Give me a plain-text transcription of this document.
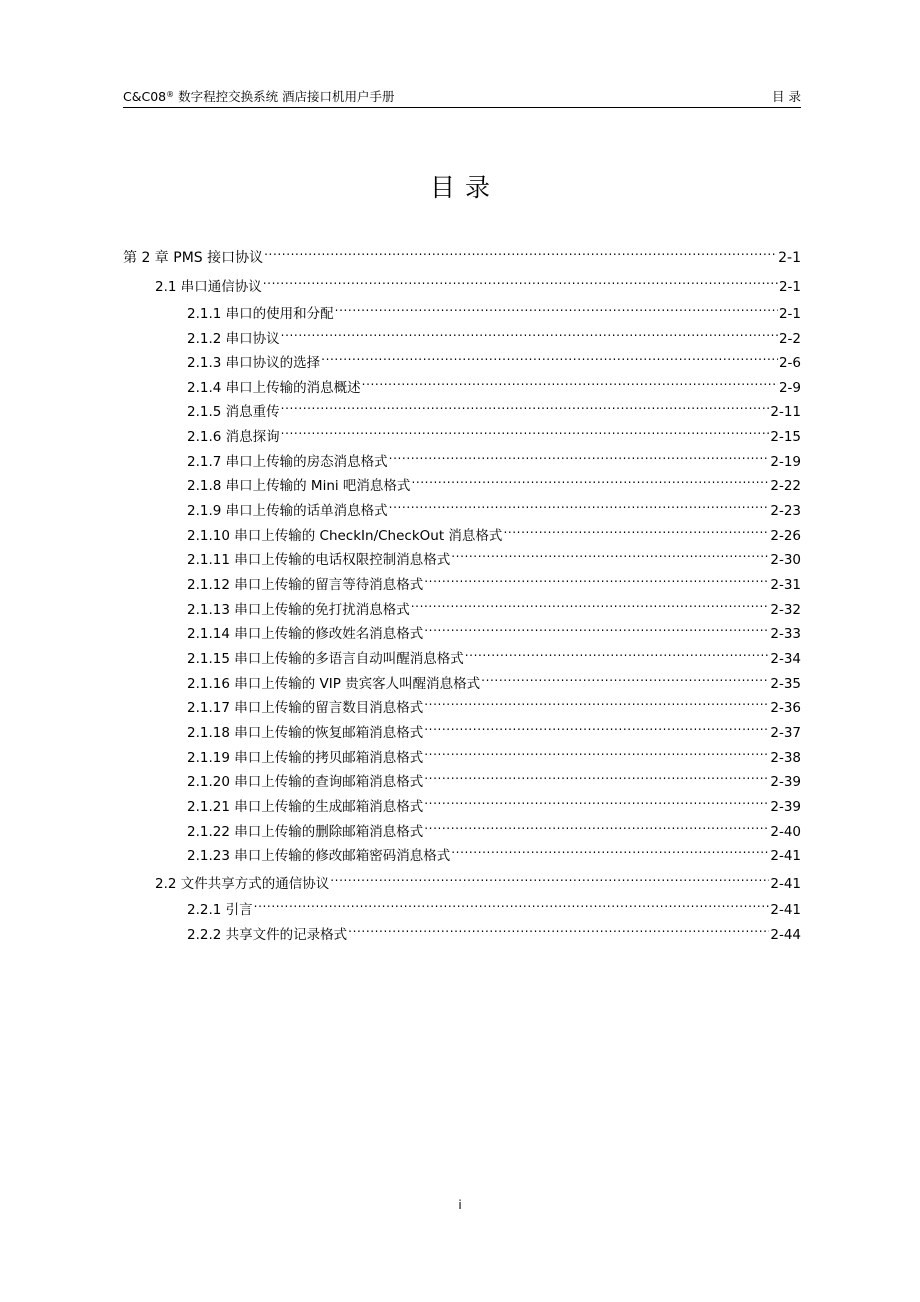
C&C08® 数字程控交换系统 酒店接口机用户手册	目 录
目录
第 2 章 PMS 接口协议 .....	2-1
2.1 串口通信协议 .....	2-1
2.1.1 串口的使用和分配 .....	2-1
2.1.2 串口协议 .....	2-2
2.1.3 串口协议的选择 .....	2-6
2.1.4 串口上传输的消息概述 .....	2-9
2.1.5 消息重传 .....	2-11
2.1.6 消息探询 .....	2-15
2.1.7 串口上传输的房态消息格式 .....	2-19
2.1.8 串口上传输的 Mini 吧消息格式 .....	2-22
2.1.9 串口上传输的话单消息格式 .....	2-23
2.1.10 串口上传输的 CheckIn/CheckOut 消息格式 .....	2-26
2.1.11 串口上传输的电话权限控制消息格式 .....	2-30
2.1.12 串口上传输的留言等待消息格式 .....	2-31
2.1.13 串口上传输的免打扰消息格式 .....	2-32
2.1.14 串口上传输的修改姓名消息格式 .....	2-33
2.1.15 串口上传输的多语言自动叫醒消息格式 .....	2-34
2.1.16 串口上传输的 VIP 贵宾客人叫醒消息格式 .....	2-35
2.1.17 串口上传输的留言数目消息格式 .....	2-36
2.1.18 串口上传输的恢复邮箱消息格式 .....	2-37
2.1.19 串口上传输的拷贝邮箱消息格式 .....	2-38
2.1.20 串口上传输的查询邮箱消息格式 .....	2-39
2.1.21 串口上传输的生成邮箱消息格式 .....	2-39
2.1.22 串口上传输的删除邮箱消息格式 .....	2-40
2.1.23 串口上传输的修改邮箱密码消息格式 .....	2-41
2.2 文件共享方式的通信协议 .....	2-41
2.2.1 引言 .....	2-41
2.2.2 共享文件的记录格式 .....	2-44
i
